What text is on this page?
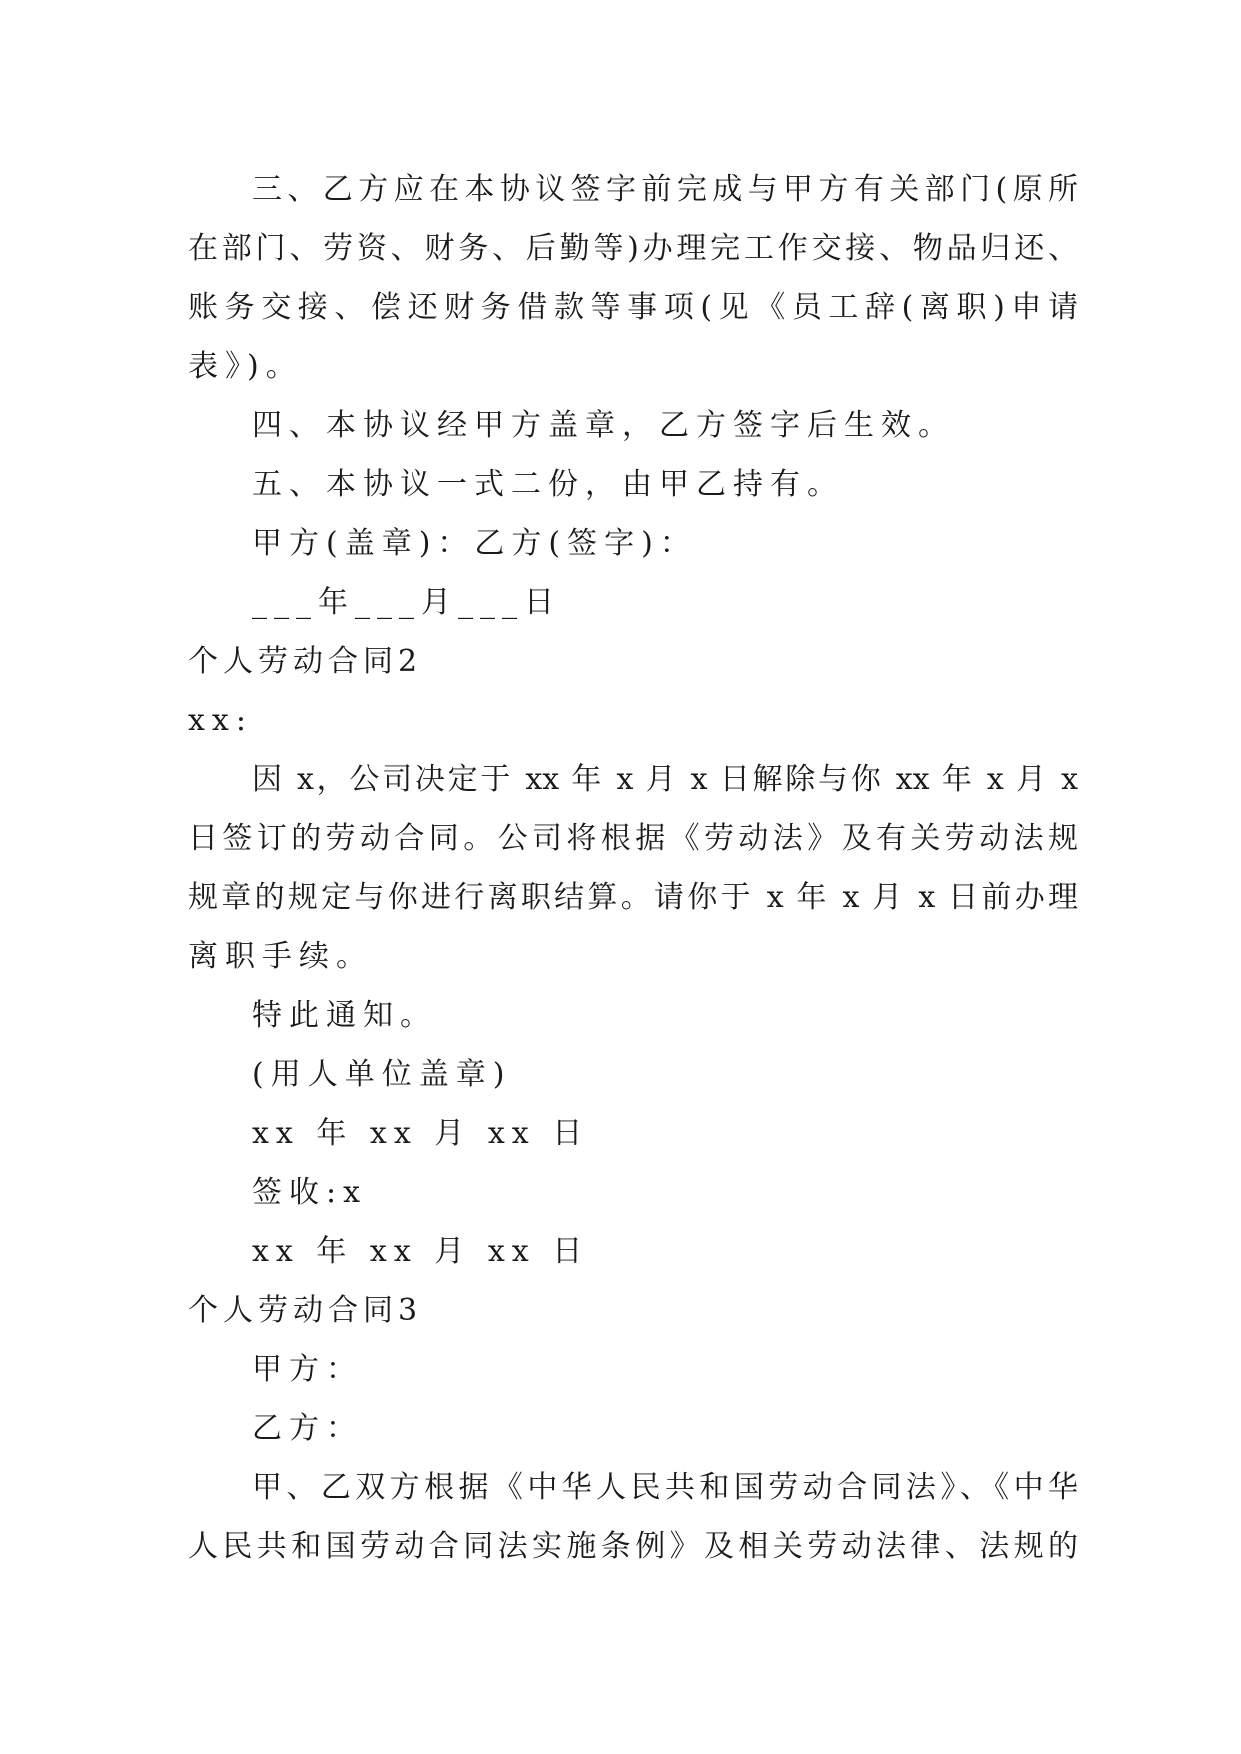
三、乙方应在本协议签字前完成与甲方有关部门(原所
在部门、劳资、财务、后勤等)办理完工作交接、物品归还、
账务交接、偿还财务借款等事项(见《员工辞(离职)申请
表》)。
四、本协议经甲方盖章，乙方签字后生效。
五、本协议一式二份，由甲乙持有。
甲方(盖章)：乙方(签字)：
___年___月___日
个人劳动合同2
xx:
因 x，公司决定于 xx 年 x 月 x 日解除与你 xx 年 x 月 x
日签订的劳动合同。公司将根据《劳动法》及有关劳动法规
规章的规定与你进行离职结算。请你于 x 年 x 月 x 日前办理
离职手续。
特此通知。
(用人单位盖章)
xx 年 xx 月 xx 日
签收:x
xx 年 xx 月 xx 日
个人劳动合同3
甲方：
乙方：
甲、乙双方根据《中华人民共和国劳动合同法》、《中华
人民共和国劳动合同法实施条例》及相关劳动法律、法规的
